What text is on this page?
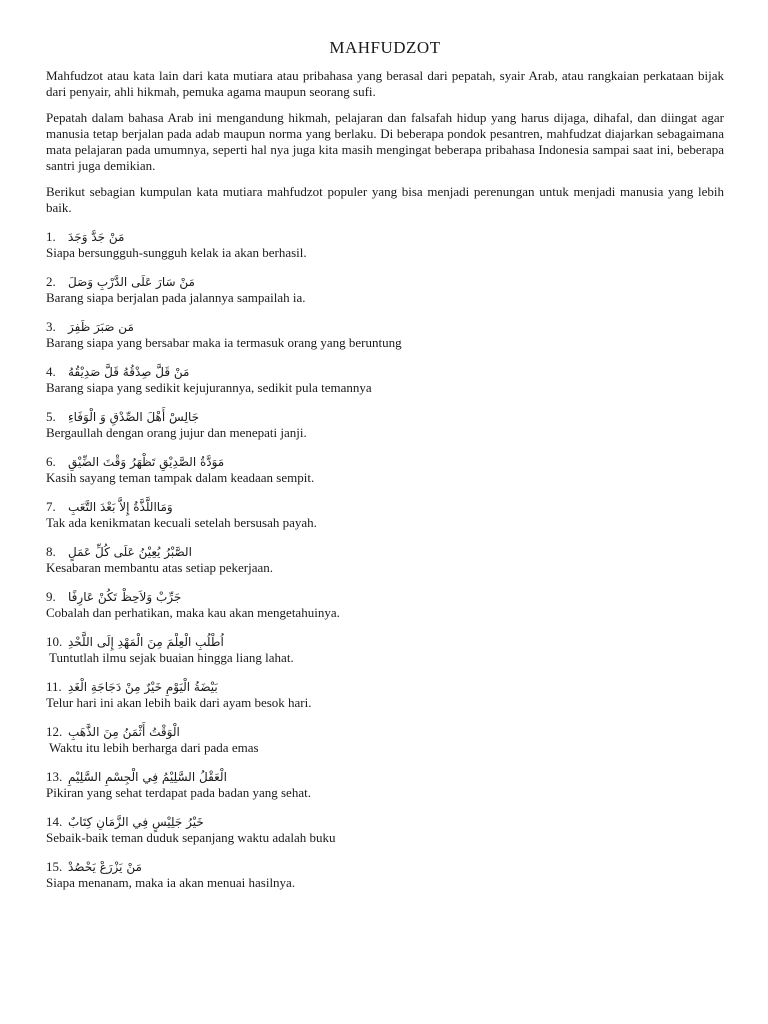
MAHFUDZOT

Mahfudzot atau kata lain dari kata mutiara atau pribahasa yang berasal dari pepatah, syair Arab, atau rangkaian perkataan bijak dari penyair, ahli hikmah, pemuka agama maupun seorang sufi.

Pepatah dalam bahasa Arab ini mengandung hikmah, pelajaran dan falsafah hidup yang harus dijaga, dihafal, dan diingat agar manusia tetap berjalan pada adab maupun norma yang berlaku. Di beberapa pondok pesantren, mahfudzat diajarkan sebagaimana mata pelajaran pada umumnya, seperti hal nya juga kita masih mengingat beberapa pribahasa Indonesia sampai saat ini, beberapa santri juga demikian.

Berikut sebagian kumpulan kata mutiara mahfudzot populer yang bisa menjadi perenungan untuk menjadi manusia yang lebih baik.

1.	مَنْ جَدَّ وَجَدَ
Siapa bersungguh-sungguh kelak ia akan berhasil.
2.	مَنْ سَارَ عَلَى الدَّرْبِ وَصَلَ
Barang siapa berjalan pada jalannya sampailah ia.
3.	مَن صَبَرَ ظَفِرَ
Barang siapa yang bersabar maka ia termasuk orang yang beruntung
4.	مَنْ قَلَّ صِدْقُهُ قَلَّ صَدِيْقُهُ
Barang siapa yang sedikit kejujurannya, sedikit pula temannya
5.	جَالِسْ أَهْلَ الصِّدْقِ وَ الْوَفَاءِ
Bergaullah dengan orang jujur dan menepati janji.
6.	مَوَدَّةُ الصَّدِيْقِ تَظْهَرُ وَقْتَ الضِّيْقِ
Kasih sayang teman tampak dalam keadaan sempit.
7.	وَمَااللَّذَّةُ إِلاَّ بَعْدَ التَّعَبِ
Tak ada kenikmatan kecuali setelah bersusah payah.
8.	الصَّبْرُ يُعِيْنُ عَلَى كُلِّ عَمَلٍ
Kesabaran membantu atas setiap pekerjaan.
9.	جَرِّبْ وَلاَحِظْ تَكُنْ عَارِفًا
Cobalah dan perhatikan, maka kau akan mengetahuinya.
10. اُطْلُبِ الْعِلْمَ مِنَ الْمَهْدِ إِلَى اللَّحْدِ
Tuntutlah ilmu sejak buaian hingga liang lahat.
11. بَيْضَةُ الْيَوْمِ خَيْرٌ مِنْ دَجَاجَةِ الْغَدِ
Telur hari ini akan lebih baik dari ayam besok hari.
12. الْوَقْتُ أَثْمَنُ مِنَ الذَّهَبِ
Waktu itu lebih berharga dari pada emas
13. الْعَقْلُ السَّلِيْمُ فِي الْجِسْمِ السَّلِيْمِ
Pikiran yang sehat terdapat pada badan yang sehat.
14. خَيْرُ جَلِيْسٍ فِي الزَّمَانِ كِتَابٌ
Sebaik-baik teman duduk sepanjang waktu adalah buku
15. مَنْ يَزْرَعْ يَحْصُدْ
Siapa menanam, maka ia akan menuai hasilnya.
